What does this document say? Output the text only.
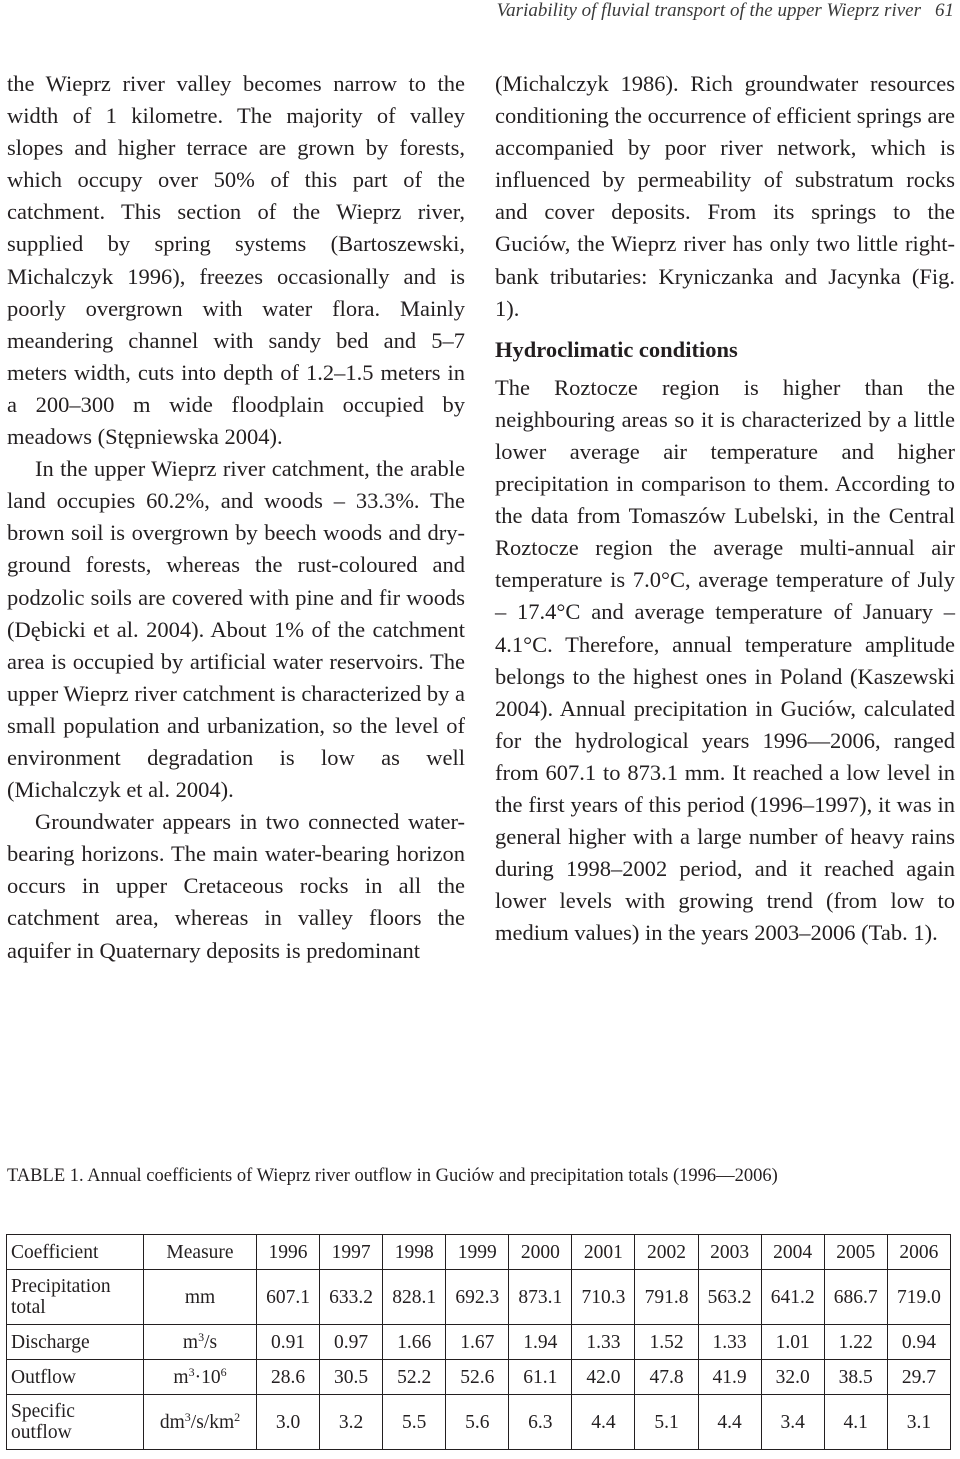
Variability of fluvial transport of the upper Wieprz river 61

the Wieprz river valley becomes narrow to the width of 1 kilometre. The majority of valley slopes and higher terrace are grown by forests, which occupy over 50% of this part of the catchment. This section of the Wieprz river, supplied by spring systems (Bartoszewski, Michalczyk 1996), freezes occasionally and is poorly overgrown with water flora. Mainly meandering channel with sandy bed and 5–7 meters width, cuts into depth of 1.2–1.5 meters in a 200–300 m wide floodplain occupied by meadows (Stępniewska 2004).

In the upper Wieprz river catchment, the arable land occupies 60.2%, and woods – 33.3%. The brown soil is overgrown by beech woods and dry-ground forests, whereas the rust-coloured and podzolic soils are covered with pine and fir woods (Dębicki et al. 2004). About 1% of the catchment area is occupied by artificial water reservoirs. The upper Wieprz river catchment is characterized by a small population and urbanization, so the level of environment degradation is low as well (Michalczyk et al. 2004).

Groundwater appears in two connected water-bearing horizons. The main water-bearing horizon occurs in upper Cretaceous rocks in all the catchment area, whereas in valley floors the aquifer in Quaternary deposits is predominant

(Michalczyk 1986). Rich groundwater resources conditioning the occurrence of efficient springs are accompanied by poor river network, which is influenced by permeability of substratum rocks and cover deposits. From its springs to the Guciów, the Wieprz river has only two little right-bank tributaries: Kryniczanka and Jacynka (Fig. 1).

Hydroclimatic conditions

The Roztocze region is higher than the neighbouring areas so it is characterized by a little lower average air temperature and higher precipitation in comparison to them. According to the data from Tomaszów Lubelski, in the Central Roztocze region the average multi-annual air temperature is 7.0°C, average temperature of July – 17.4°C and average temperature of January – 4.1°C. Therefore, annual temperature amplitude belongs to the highest ones in Poland (Kaszewski 2004). Annual precipitation in Guciów, calculated for the hydrological years 1996––2006, ranged from 607.1 to 873.1 mm. It reached a low level in the first years of this period (1996–1997), it was in general higher with a large number of heavy rains during 1998–2002 period, and it reached again lower levels with growing trend (from low to medium values) in the years 2003–2006 (Tab. 1).

TABLE 1. Annual coefficients of Wieprz river outflow in Guciów and precipitation totals (1996––2006)
Coefficient	Measure	1996	1997	1998	1999	2000	2001	2002	2003	2004	2005	2006
Precipitation total	mm	607.1	633.2	828.1	692.3	873.1	710.3	791.8	563.2	641.2	686.7	719.0
Discharge	$m^3/s$	0.91	0.97	1.66	1.67	1.94	1.33	1.52	1.33	1.01	1.22	0.94
Outflow	$m^3\cdot 10^6$	28.6	30.5	52.2	52.6	61.1	42.0	47.8	41.9	32.0	38.5	29.7
Specific outflow	$dm^3/s/km^2$	3.0	3.2	5.5	5.6	6.3	4.4	5.1	4.4	3.4	4.1	3.1
